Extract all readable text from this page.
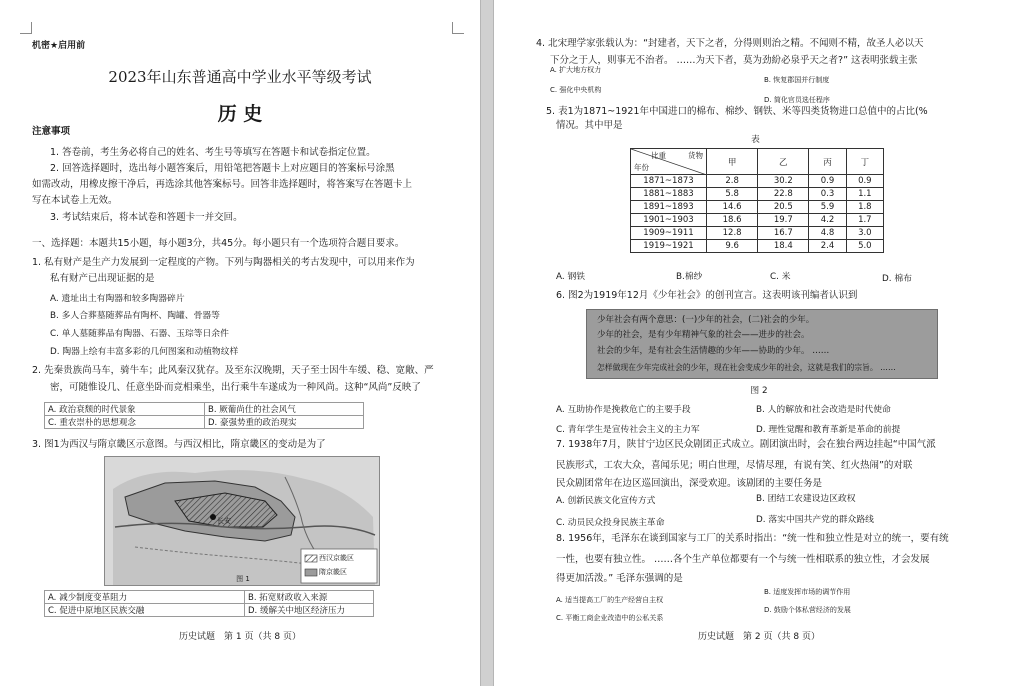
机密★启用前
2023年山东普通高中学业水平等级考试
历 史
注意事项
1. 答卷前，考生务必将自己的姓名、考生号等填写在答题卡和试卷指定位置。
2. 回答选择题时，选出每小题答案后，用铅笔把答题卡上对应题目的答案标号涂黑
如需改动，用橡皮擦干净后，再选涂其他答案标号。回答非选择题时，将答案写在答题卡上
写在本试卷上无效。
3. 考试结束后，将本试卷和答题卡一并交回。
一、选择题：本题共15小题，每小题3分，共45分。每小题只有一个选项符合题目要求。
1. 私有财产是生产力发展到一定程度的产物。下列与陶器相关的考古发现中，可以用来作为
私有财产已出现证据的是
A. 遗址出土有陶器和较多陶器碎片
B. 多人合葬墓随葬品有陶杯、陶罐、骨器等
C. 单人墓随葬品有陶器、石器、玉琮等日余件
D. 陶器上绘有丰富多彩的几何图案和动植物纹样
2. 先秦贵族尚马车，骑牛车；此风秦汉犹存。及至东汉晚期，天子至士因牛车缓、稳、宽敞、严
密，可随惟设几、任意坐卧而竞相乘坐，出行乘牛车遂成为一种风尚。这种“风尚”反映了
A. 政治衰颓的时代景象	B. 厥葡尚仕的社会风气
C. 重农崇朴的思想观念	D. 豪强势重的政治现实
3. 图1为西汉与隋京畿区示意图。与西汉相比，隋京畿区的变动是为了
长安
西汉京畿区
隋京畿区
图 1
A. 减少制度变革阻力	B. 拓宽财政收入来源
C. 促进中原地区民族交融	D. 缓解关中地区经济压力
历史试题　第 1 页（共 8 页）
4. 北宋理学家张载认为：“封建者，天下之者，分得则则治之精。不闻则不精，故圣人必以天
下分之于人，则事无不治者。 ……为天下者，莫为劲紛必泉乎天之者?” 这表明张载主张
A. 扩大地方权力
B. 恢复郡国并行制度
C. 强化中央机构
D. 简化官员选任程序
5. 表1为1871~1921年中国进口的棉布、棉纱、钢铁、米等四类货物进口总值中的占比(%
情况。其中甲是
表
比重 货物
年份	甲	乙	丙	丁
1871~1873	2.8	30.2	0.9	0.9
1881~1883	5.8	22.8	0.3	1.1
1891~1893	14.6	20.5	5.9	1.8
1901~1903	18.6	19.7	4.2	1.7
1909~1911	12.8	16.7	4.8	3.0
1919~1921	9.6	18.4	2.4	5.0
A. 钢铁	B.棉纱	C. 米	D. 棉布
6. 图2为1919年12月《少年社会》的创刊宣言。这表明该刊编者认识到
少年社会有两个意思：(一)少年的社会，(二)社会的少年。
少年的社会，是有少年精神气象的社会——进步的社会。
社会的少年，是有社会生活情趣的少年——协助的少年。 ……
怎样做现在少年完成社会的少年，现在社会变成少年的社会，这就是我们的宗旨。 ……
图 2
A. 互助协作是挽救危亡的主要手段	B. 人的解放和社会改造是时代使命
C. 青年学生是宣传社会主义的主力军	D. 理性觉醒和教育革新是革命的前提
7. 1938年7月，陕甘宁边区民众剧团正式成立。剧团演出时，会在独台两边挂起“中国气派
民族形式，工农大众，喜闻乐见；明白世理，尽情尽理，有说有笑、红火热闹”的对联
民众剧团常年在边区巡回演出，深受欢迎。该剧团的主要任务是
A. 创新民族文化宣传方式	B. 团结工农建设边区政权
C. 动员民众投身民族主革命	D. 落实中国共产党的群众路线
8. 1956年，毛泽东在谈到国家与工厂的关系时指出：“统一性和独立性是对立的统一，要有统
一性，也要有独立性。 ……各个生产单位都要有一个与统一性相联系的独立性，才会发展
得更加活泼。” 毛泽东强调的是
A. 适当提高工厂的生产经营自主权
B. 适度发挥市场的调节作用
C. 平衡工商企业改造中的公私关系
D. 鼓励个体私营经济的发展
历史试题　第 2 页（共 8 页）
